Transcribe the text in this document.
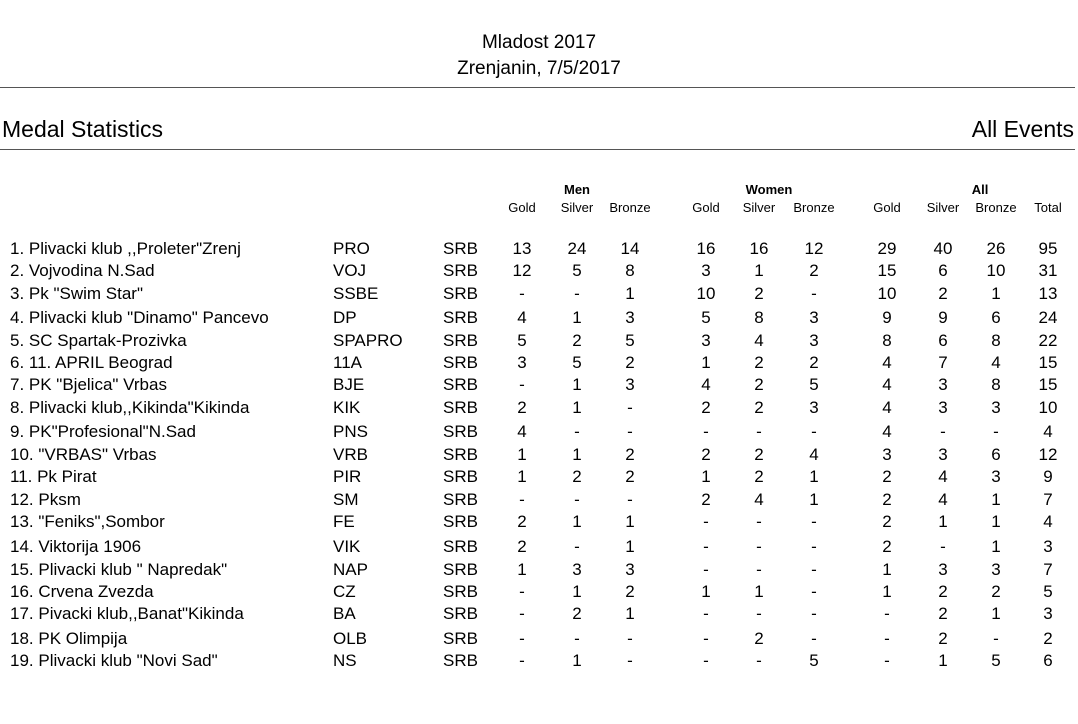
Mladost 2017
Zrenjanin, 7/5/2017
Medal Statistics	All Events
Men	Women	All
Gold	Silver	Bronze	Gold	Silver	Bronze	Gold	Silver	Bronze	Total
1. Plivacki klub ,,Proleter"Zrenj	PRO	SRB	13	24	14	16	16	12	29	40	26	95
2. Vojvodina N.Sad	VOJ	SRB	12	5	8	3	1	2	15	6	10	31
3. Pk "Swim Star"	SSBE	SRB	-	-	1	10	2	-	10	2	1	13
4. Plivacki klub "Dinamo" Pancevo	DP	SRB	4	1	3	5	8	3	9	9	6	24
5. SC Spartak-Prozivka	SPAPRO SRB	5	2	5	3	4	3	8	6	8	22
6. 11. APRIL Beograd	11A	SRB	3	5	2	1	2	2	4	7	4	15
7. PK "Bjelica" Vrbas	BJE	SRB	-	1	3	4	2	5	4	3	8	15
8. Plivacki klub,,Kikinda"Kikinda	KIK	SRB	2	1	-	2	2	3	4	3	3	10
9. PK"Profesional"N.Sad	PNS	SRB	4	-	-	-	-	-	4	-	-	4
10. "VRBAS" Vrbas	VRB	SRB	1	1	2	2	2	4	3	3	6	12
11. Pk Pirat	PIR	SRB	1	2	2	1	2	1	2	4	3	9
12. Pksm	SM	SRB	-	-	-	2	4	1	2	4	1	7
13. "Feniks",Sombor	FE	SRB	2	1	1	-	-	-	2	1	1	4
14. Viktorija 1906	VIK	SRB	2	-	1	-	-	-	2	-	1	3
15. Plivacki klub " Napredak"	NAP	SRB	1	3	3	-	-	-	1	3	3	7
16. Crvena Zvezda	CZ	SRB	-	1	2	1	1	-	1	2	2	5
17. Pivacki klub,,Banat"Kikinda	BA	SRB	-	2	1	-	-	-	-	2	1	3
18. PK Olimpija	OLB	SRB	-	-	-	-	2	-	-	2	-	2
19. Plivacki klub "Novi Sad"	NS	SRB	-	1	-	-	-	5	-	1	5	6
